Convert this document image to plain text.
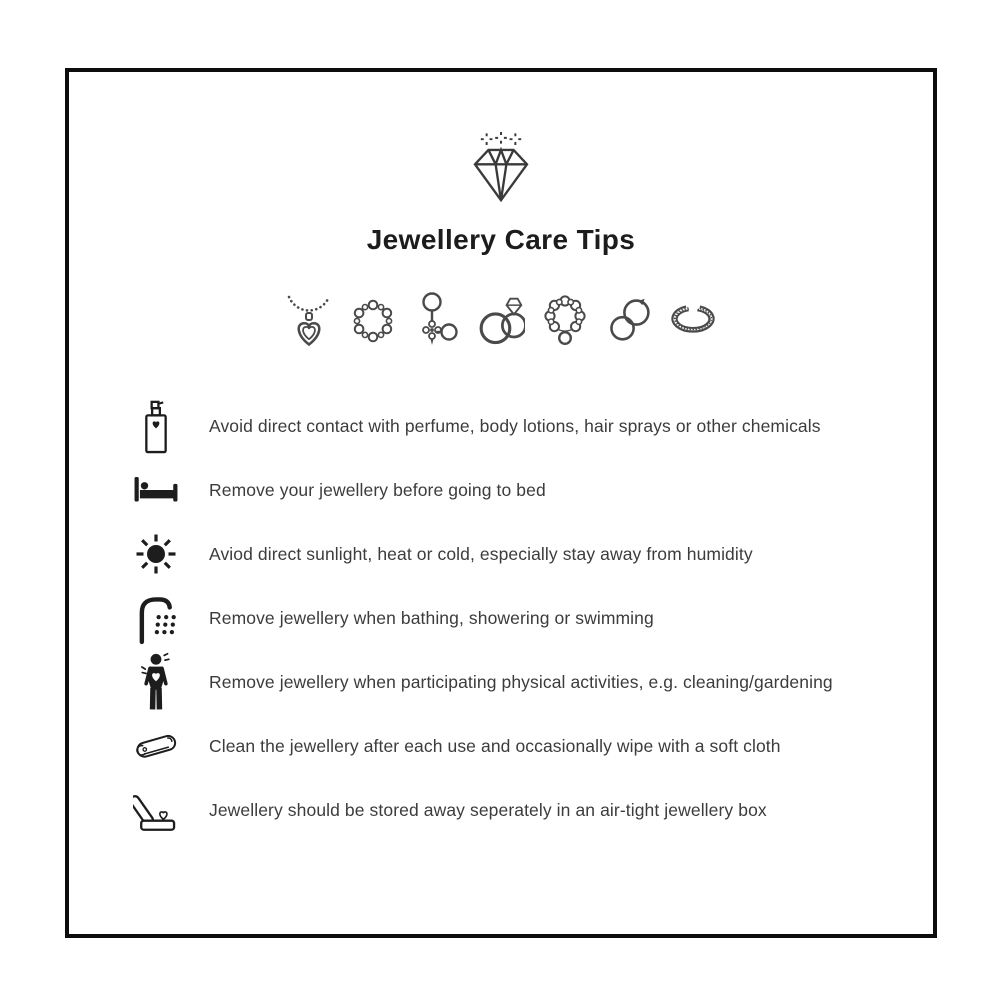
Jewellery Care Tips
Avoid direct contact with perfume, body lotions, hair sprays or other chemicals
Remove your jewellery before going to bed
Aviod direct sunlight, heat or cold, especially stay away from humidity
Remove jewellery when bathing, showering or swimming
Remove jewellery when participating physical activities, e.g. cleaning/gardening
Clean the jewellery after each use and occasionally wipe with a soft cloth
Jewellery should be stored away seperately in an air-tight jewellery box
